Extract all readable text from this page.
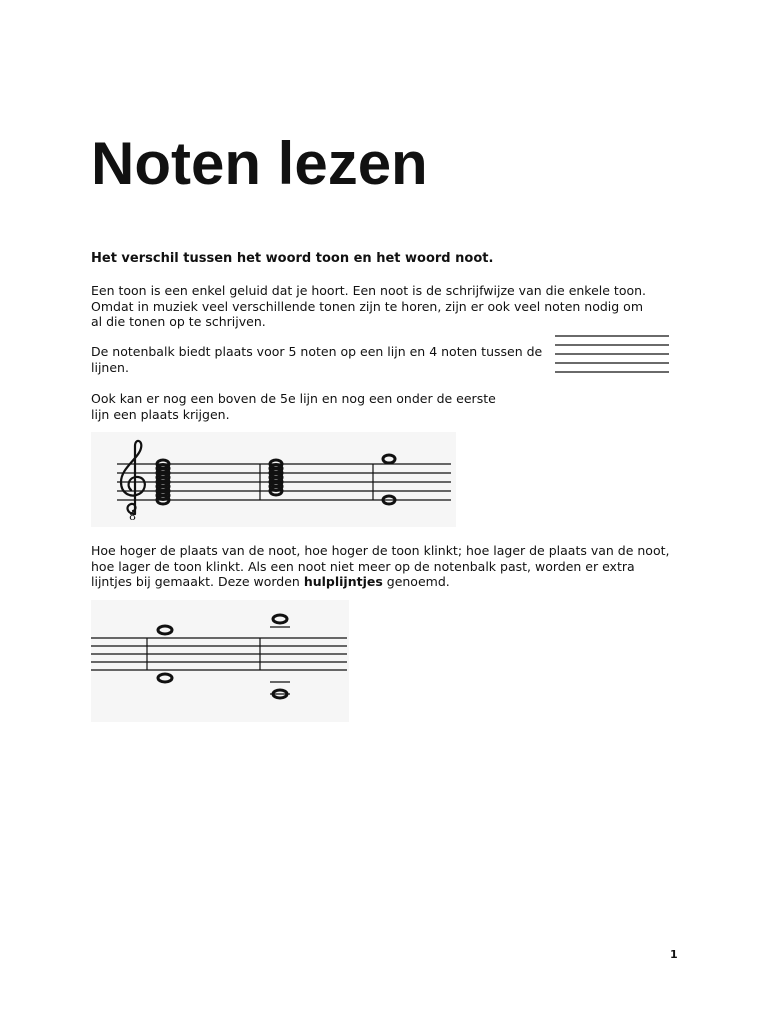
Noten lezen
Het verschil tussen het woord toon en het woord noot.

Een toon is een enkel geluid dat je hoort. Een noot is de schrijfwijze van die enkele toon.
Omdat in muziek veel verschillende tonen zijn te horen, zijn er ook veel noten nodig om
al die tonen op te schrijven.

De notenbalk biedt plaats voor 5 noten op een lijn en 4 noten tussen de
lijnen.

Ook kan er nog een boven de 5e lijn en nog een onder de eerste
lijn een plaats krijgen.

Hoe hoger de plaats van de noot, hoe hoger de toon klinkt; hoe lager de plaats van de noot,
hoe lager de toon klinkt. Als een noot niet meer op de notenbalk past, worden er extra
lijntjes bij gemaakt. Deze worden hulplijntjes genoemd.

8
1
